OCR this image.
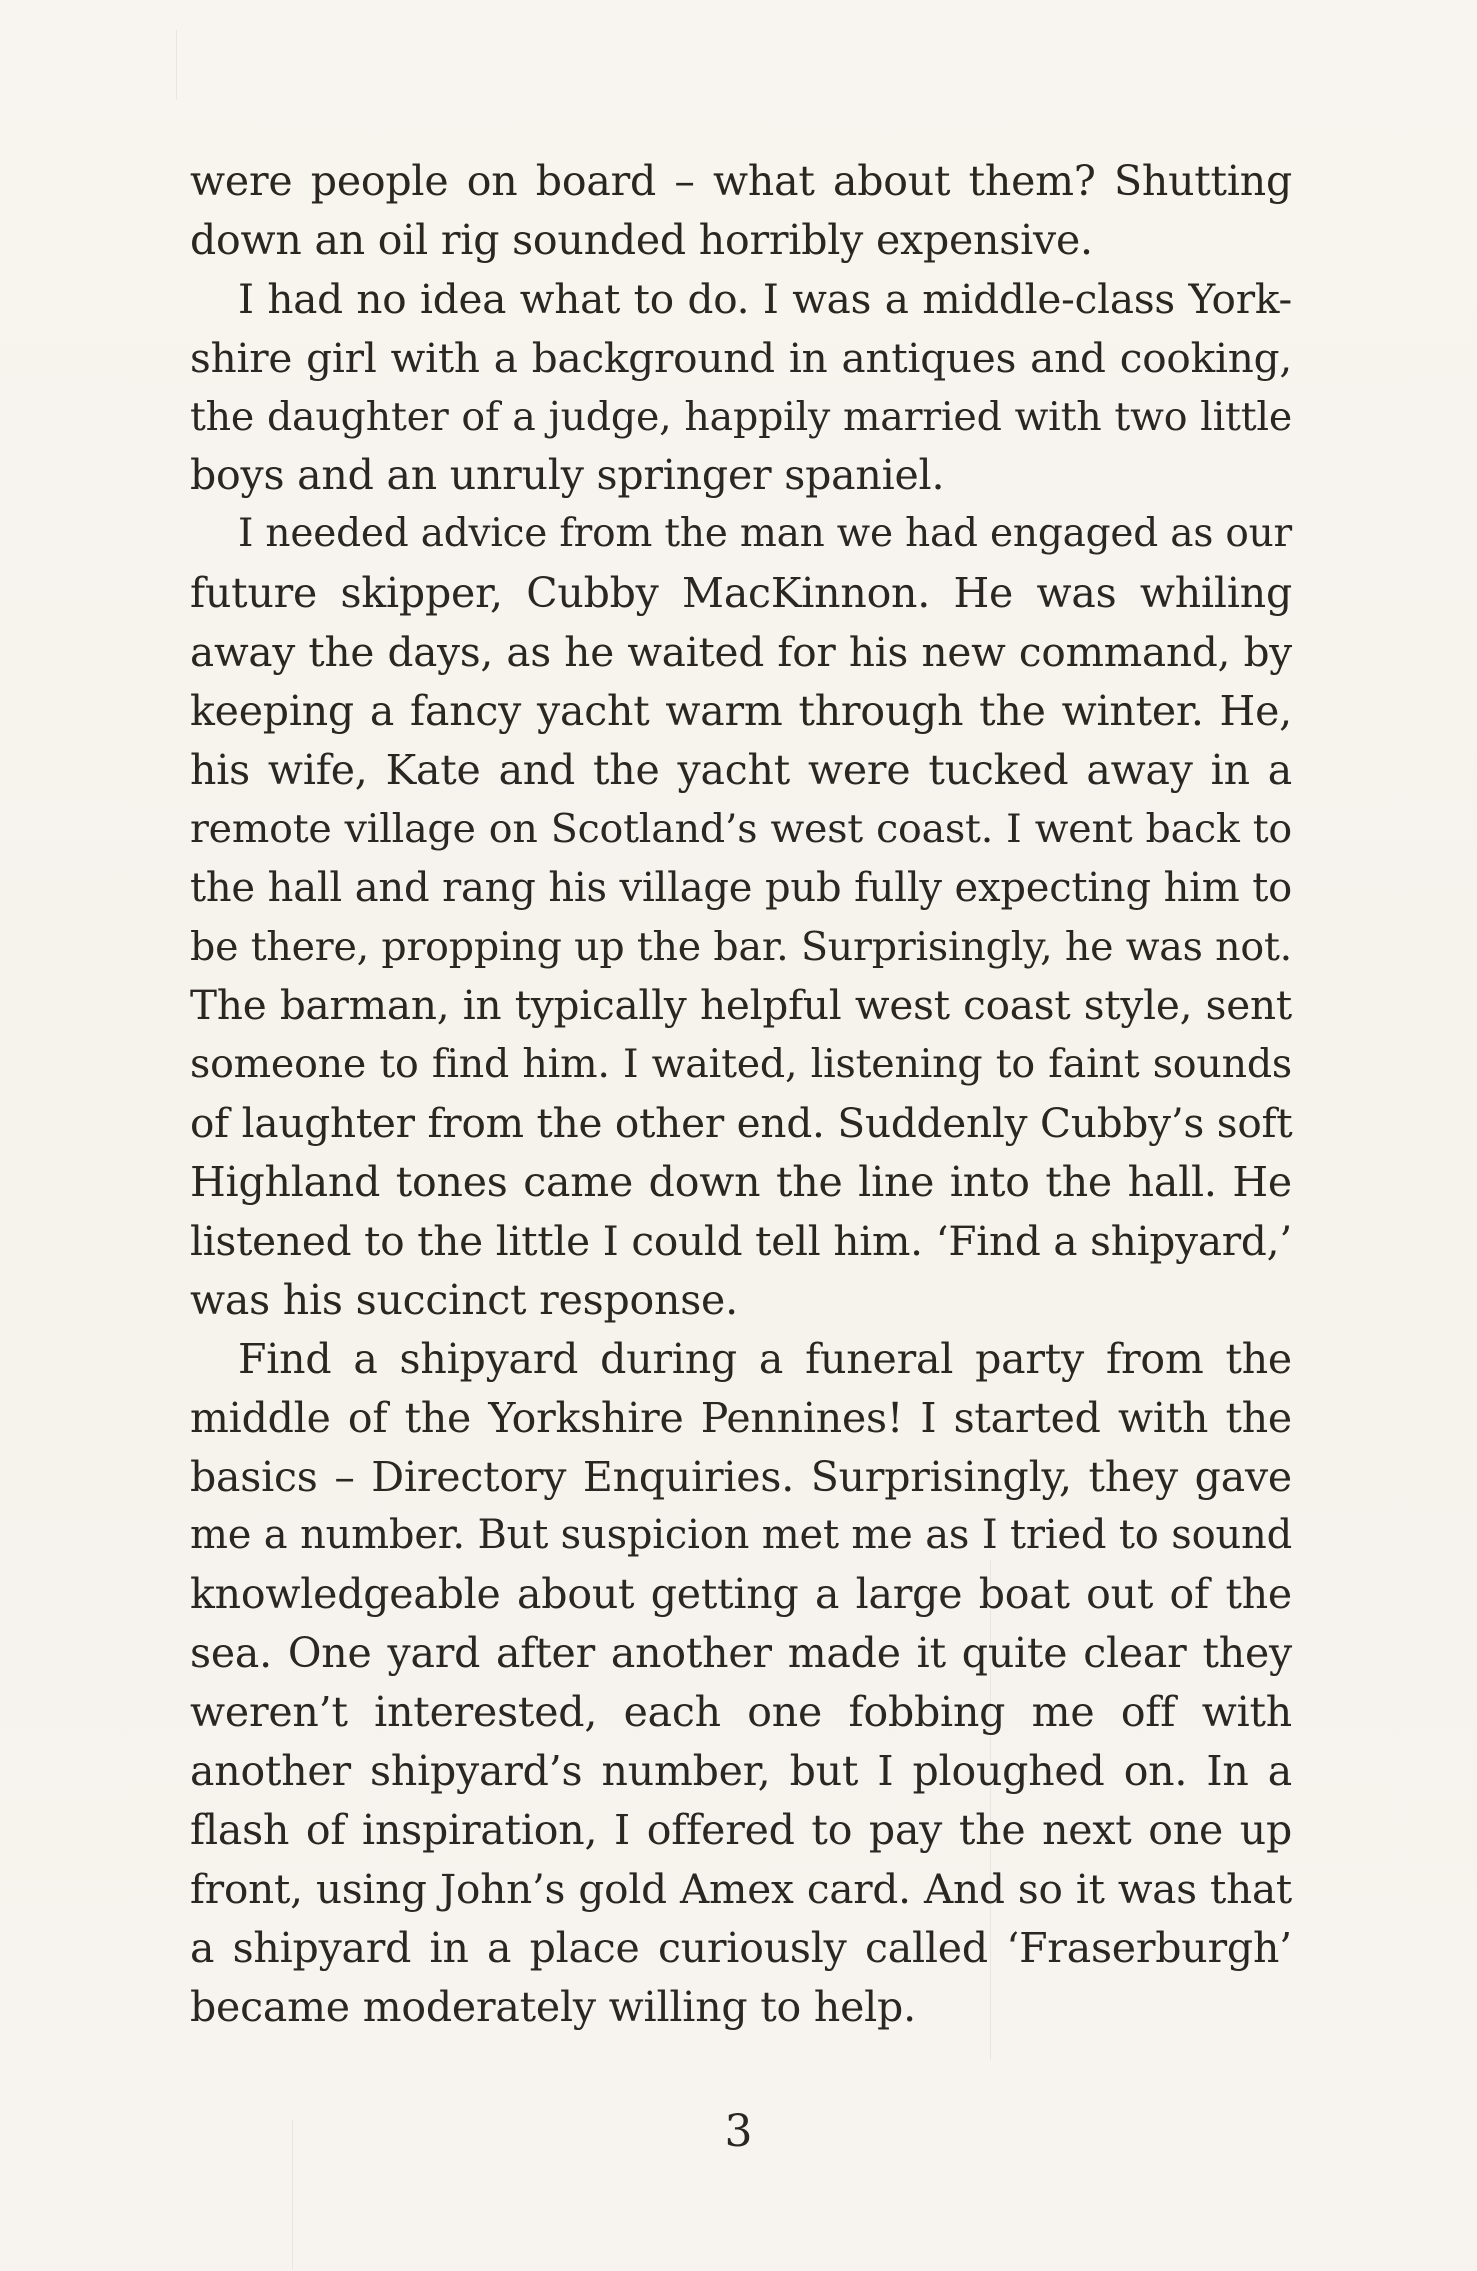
were people on board – what about them? Shutting
down an oil rig sounded horribly expensive.
I had no idea what to do. I was a middle-class York-
shire girl with a background in antiques and cooking,
the daughter of a judge, happily married with two little
boys and an unruly springer spaniel.
I needed advice from the man we had engaged as our
future skipper, Cubby MacKinnon. He was whiling
away the days, as he waited for his new command, by
keeping a fancy yacht warm through the winter. He,
his wife, Kate and the yacht were tucked away in a
remote village on Scotland’s west coast. I went back to
the hall and rang his village pub fully expecting him to
be there, propping up the bar. Surprisingly, he was not.
The barman, in typically helpful west coast style, sent
someone to find him. I waited, listening to faint sounds
of laughter from the other end. Suddenly Cubby’s soft
Highland tones came down the line into the hall. He
listened to the little I could tell him. ‘Find a shipyard,’
was his succinct response.
Find a shipyard during a funeral party from the
middle of the Yorkshire Pennines! I started with the
basics – Directory Enquiries. Surprisingly, they gave
me a number. But suspicion met me as I tried to sound
knowledgeable about getting a large boat out of the
sea. One yard after another made it quite clear they
weren’t interested, each one fobbing me off with
another shipyard’s number, but I ploughed on. In a
flash of inspiration, I offered to pay the next one up
front, using John’s gold Amex card. And so it was that
a shipyard in a place curiously called ‘Fraserburgh’
became moderately willing to help.
3
